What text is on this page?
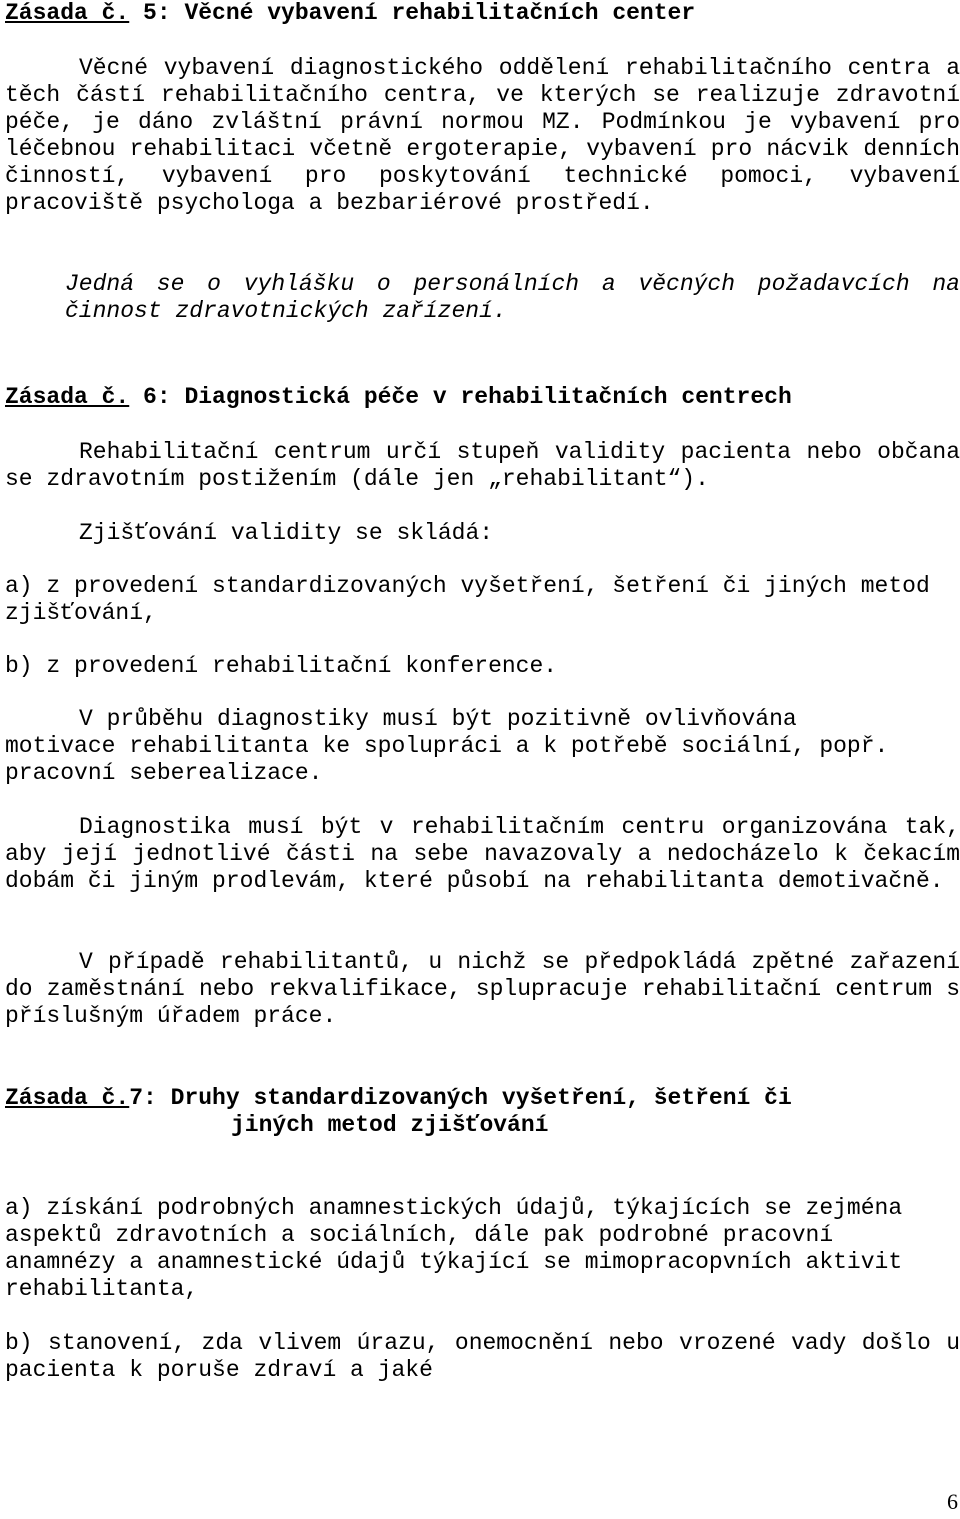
Zásada č. 5: Věcné vybavení rehabilitačních center

Věcné vybavení diagnostického oddělení rehabilitačního centra a těch částí rehabilitačního centra, ve kterých se realizuje zdravotní péče, je dáno zvláštní právní normou MZ. Podmínkou je vybavení pro léčebnou rehabilitaci včetně ergoterapie, vybavení pro nácvik denních činností, vybavení pro poskytování technické pomoci, vybavení pracoviště psychologa a bezbariérové prostředí.

Jedná se o vyhlášku o personálních a věcných požadavcích na činnost zdravotnických zařízení.

Zásada č. 6: Diagnostická péče v rehabilitačních centrech

Rehabilitační centrum určí stupeň validity pacienta nebo občana se zdravotním postižením (dále jen „rehabilitant“).

Zjišťování validity se skládá:

a) z provedení standardizovaných vyšetření, šetření či jiných metod zjišťování,

b) z provedení rehabilitační konference.

V průběhu diagnostiky musí být pozitivně ovlivňována motivace rehabilitanta ke spolupráci a k potřebě sociální, popř. pracovní seberealizace.

Diagnostika musí být v rehabilitačním centru organizována tak, aby její jednotlivé části na sebe navazovaly a nedocházelo k čekacím dobám či jiným prodlevám, které působí na rehabilitanta demotivačně.

V případě rehabilitantů, u nichž se předpokládá zpětné zařazení do zaměstnání nebo rekvalifikace, splupracuje rehabilitační centrum s příslušným úřadem práce.

Zásada č.7: Druhy standardizovaných vyšetření, šetření či
jiných metod zjišťování

a) získání podrobných anamnestických údajů, týkajících se zejména aspektů zdravotních a sociálních, dále pak podrobné pracovní anamnézy a anamnestické údajů týkající se mimopracopvních aktivit rehabilitanta,

b) stanovení, zda vlivem úrazu, onemocnění nebo vrozené vady došlo u pacienta k poruše zdraví a jaké

6
